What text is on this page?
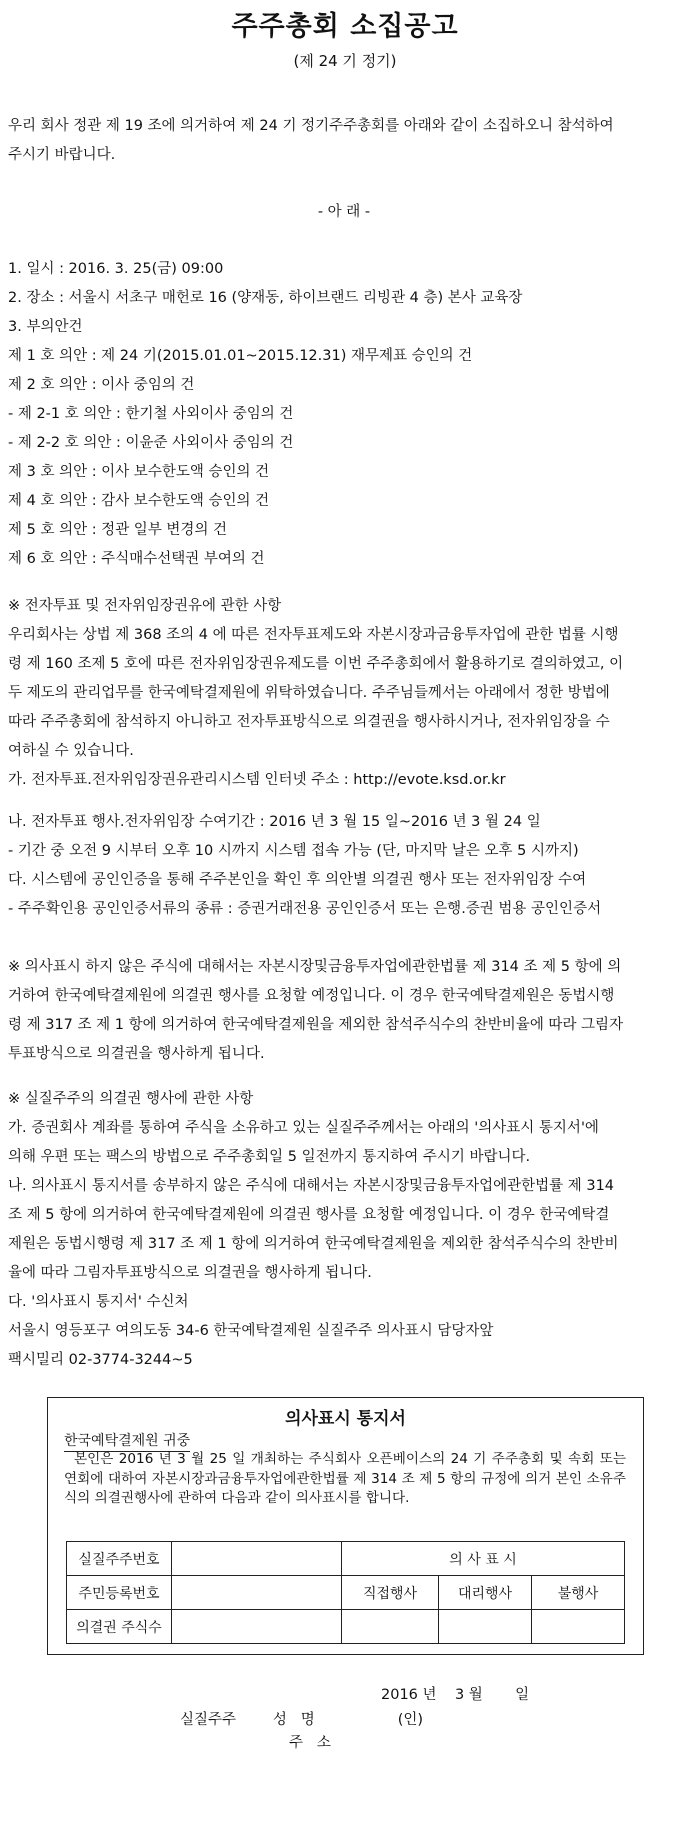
주주총회 소집공고
(제 24 기 정기)
우리 회사 정관 제 19 조에 의거하여 제 24 기 정기주주총회를 아래와 같이 소집하오니 참석하여
주시기 바랍니다.
- 아 래 -
1. 일시 : 2016. 3. 25(금) 09:00
2. 장소 : 서울시 서초구 매헌로 16 (양재동, 하이브랜드 리빙관 4 층) 본사 교육장
3. 부의안건
제 1 호 의안 : 제 24 기(2015.01.01~2015.12.31) 재무제표 승인의 건
제 2 호 의안 : 이사 중임의 건
- 제 2-1 호 의안 : 한기철 사외이사 중임의 건
- 제 2-2 호 의안 : 이윤준 사외이사 중임의 건
제 3 호 의안 : 이사 보수한도액 승인의 건
제 4 호 의안 : 감사 보수한도액 승인의 건
제 5 호 의안 : 정관 일부 변경의 건
제 6 호 의안 : 주식매수선택권 부여의 건
※ 전자투표 및 전자위임장권유에 관한 사항
우리회사는 상법 제 368 조의 4 에 따른 전자투표제도와 자본시장과금융투자업에 관한 법률 시행
령 제 160 조제 5 호에 따른 전자위임장권유제도를 이번 주주총회에서 활용하기로 결의하였고, 이
두 제도의 관리업무를 한국예탁결제원에 위탁하였습니다. 주주님들께서는 아래에서 정한 방법에
따라 주주총회에 참석하지 아니하고 전자투표방식으로 의결권을 행사하시거나, 전자위임장을 수
여하실 수 있습니다.
가. 전자투표.전자위임장권유관리시스템 인터넷 주소 : http://evote.ksd.or.kr
나. 전자투표 행사.전자위임장 수여기간 : 2016 년 3 월 15 일~2016 년 3 월 24 일
- 기간 중 오전 9 시부터 오후 10 시까지 시스템 접속 가능 (단, 마지막 날은 오후 5 시까지)
다. 시스템에 공인인증을 통해 주주본인을 확인 후 의안별 의결권 행사 또는 전자위임장 수여
- 주주확인용 공인인증서류의 종류 : 증권거래전용 공인인증서 또는 은행.증권 범용 공인인증서
※ 의사표시 하지 않은 주식에 대해서는 자본시장및금융투자업에관한법률 제 314 조 제 5 항에 의
거하여 한국예탁결제원에 의결권 행사를 요청할 예정입니다. 이 경우 한국예탁결제원은 동법시행
령 제 317 조 제 1 항에 의거하여 한국예탁결제원을 제외한 참석주식수의 찬반비율에 따라 그림자
투표방식으로 의결권을 행사하게 됩니다.
※ 실질주주의 의결권 행사에 관한 사항
가. 증권회사 계좌를 통하여 주식을 소유하고 있는 실질주주께서는 아래의 '의사표시 통지서'에
의해 우편 또는 팩스의 방법으로 주주총회일 5 일전까지 통지하여 주시기 바랍니다.
나. 의사표시 통지서를 송부하지 않은 주식에 대해서는 자본시장및금융투자업에관한법률 제 314
조 제 5 항에 의거하여 한국예탁결제원에 의결권 행사를 요청할 예정입니다. 이 경우 한국예탁결
제원은 동법시행령 제 317 조 제 1 항에 의거하여 한국예탁결제원을 제외한 참석주식수의 찬반비
율에 따라 그림자투표방식으로 의결권을 행사하게 됩니다.
다. '의사표시 통지서' 수신처
서울시 영등포구 여의도동 34-6 한국예탁결제원 실질주주 의사표시 담당자앞
팩시밀리 02-3774-3244~5
의사표시 통지서
한국예탁결제원 귀중
본인은 2016 년 3 월 25 일 개최하는 주식회사 오픈베이스의 24 기 주주총회 및 속회 또는 연회에 대하여 자본시장과금융투자업에관한법률 제 314 조 제 5 항의 규정에 의거 본인 소유주식의 의결권행사에 관하여 다음과 같이 의사표시를 합니다.
실질주주번호		의 사 표 시		
주민등록번호		직접행사	대리행사	불행사
의결권 주식수				
2016 년 3 월 일
실질주주	성   명	(인)
주   소
